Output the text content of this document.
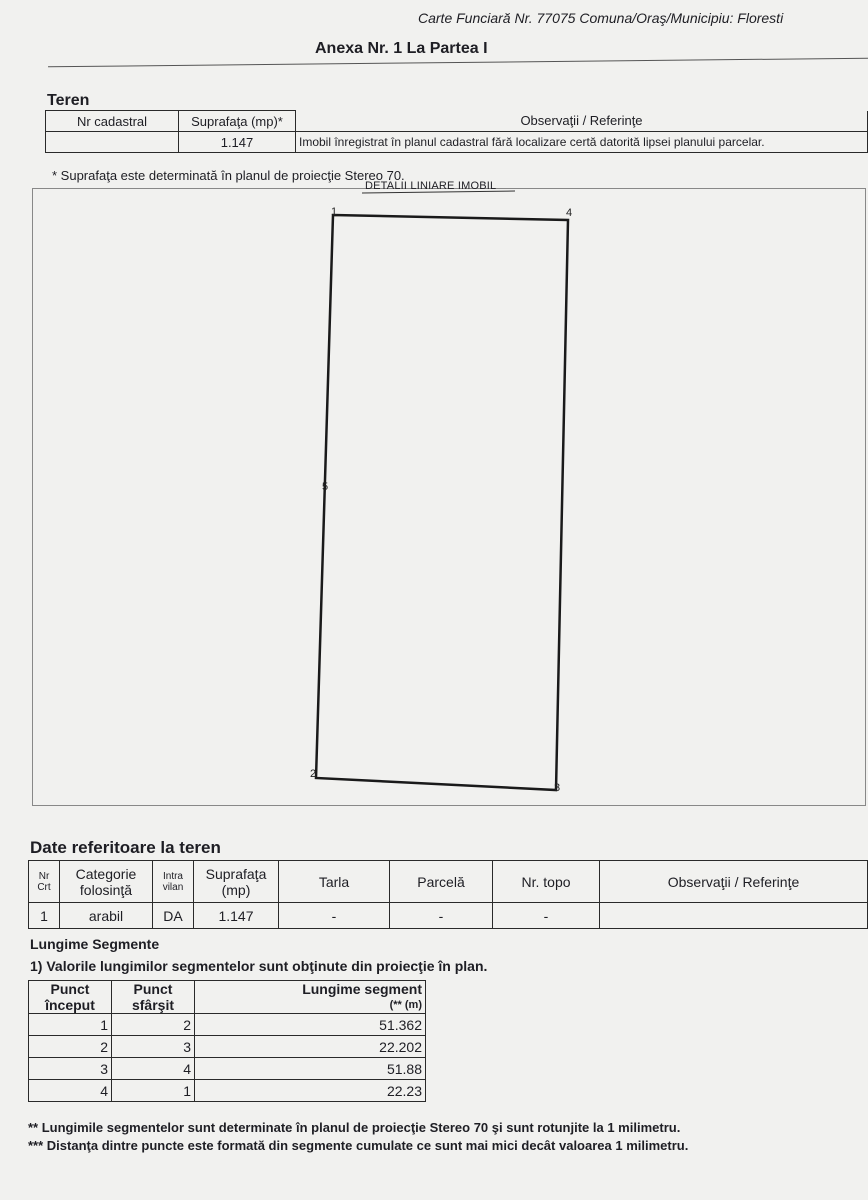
Carte Funciară Nr. 77075 Comuna/Oraş/Municipiu: Floresti
Anexa Nr. 1 La Partea I
Teren
Nr cadastral	Suprafaţa (mp)*	Observaţii / Referinţe
	1.147	Imobil înregistrat în planul cadastral fără localizare certă datorită lipsei planului parcelar.
* Suprafaţa este determinată în planul de proiecţie Stereo 70.
DETALII LINIARE IMOBIL
1
2
3
4
5
Date referitoare la teren
Nr Crt	Categorie folosinţă	Intra vilan	Suprafaţa (mp)	Tarla	Parcelă	Nr. topo	Observaţii / Referinţe
1	arabil	DA	1.147	-	-	-	
Lungime Segmente
1) Valorile lungimilor segmentelor sunt obţinute din proiecţie în plan.
Punct început	Punct sfârşit	Lungime segment
(** (m)

1	2	51.362
2	3	22.202
3	4	51.88
4	1	22.23
** Lungimile segmentelor sunt determinate în planul de proiecţie Stereo 70 şi sunt rotunjite la 1 milimetru.
*** Distanţa dintre puncte este formată din segmente cumulate ce sunt mai mici decât valoarea 1 milimetru.
